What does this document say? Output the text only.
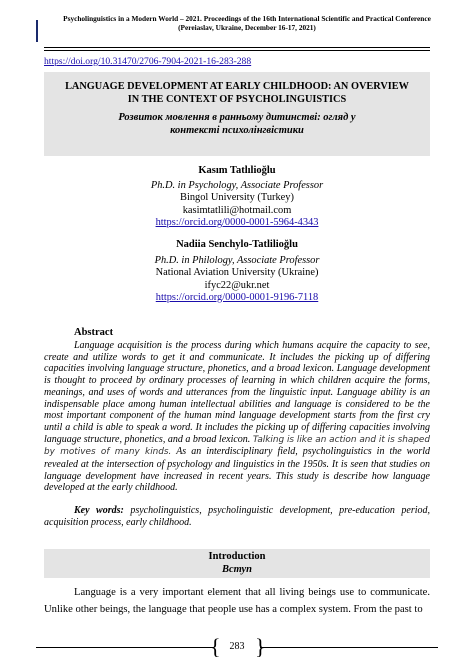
Psycholinguistics in a Modern World – 2021. Proceedings of the 16th International Scientific and Practical Conference
(Pereiaslav, Ukraine, December 16-17, 2021)
https://doi.org/10.31470/2706-7904-2021-16-283-288
LANGUAGE DEVELOPMENT AT EARLY CHILDHOOD: AN OVERVIEW IN THE CONTEXT OF PSYCHOLINGUISTICS
Розвиток мовлення в ранньому дитинстві: огляд у контексті психолінгвістики
Kasım Tatlılioğlu
Ph.D. in Psychology, Associate Professor
Bingol University (Turkey)
kasimtatlili@hotmail.com
https://orcid.org/0000-0001-5964-4343
Nadiia Senchylo-Tatlilioğlu
Ph.D. in Philology, Associate Professor
National Aviation University (Ukraine)
ifyc22@ukr.net
https://orcid.org/0000-0001-9196-7118
Abstract
Language acquisition is the process during which humans acquire the capacity to see, create and utilize words to get it and communicate. It includes the picking up of differing capacities involving language structure, phonetics, and a broad lexicon. Language development is thought to proceed by ordinary processes of learning in which children acquire the forms, meanings, and uses of words and utterances from the linguistic input. Language ability is an indispensable place among human intellectual abilities and language is considered to be the most important component of the human mind language development starts from the first cry until a child is able to speak a word. It includes the picking up of differing capacities involving language structure, phonetics, and a broad lexicon. Talking is like an action and it is shaped by motives of many kinds. As an interdisciplinary field, psycholinguistics in the world revealed at the intersection of psychology and linguistics in the 1950s. It is seen that studies on language development have increased in recent years. This study is describe how language developed at the early childhood.
Key words: psycholinguistics, psycholinguistic development, pre-education period, acquisition process, early childhood.
Introduction
Вступ
Language is a very important element that all living beings use to communicate. Unlike other beings, the language that people use has a complex system. From the past to
{ }
283
